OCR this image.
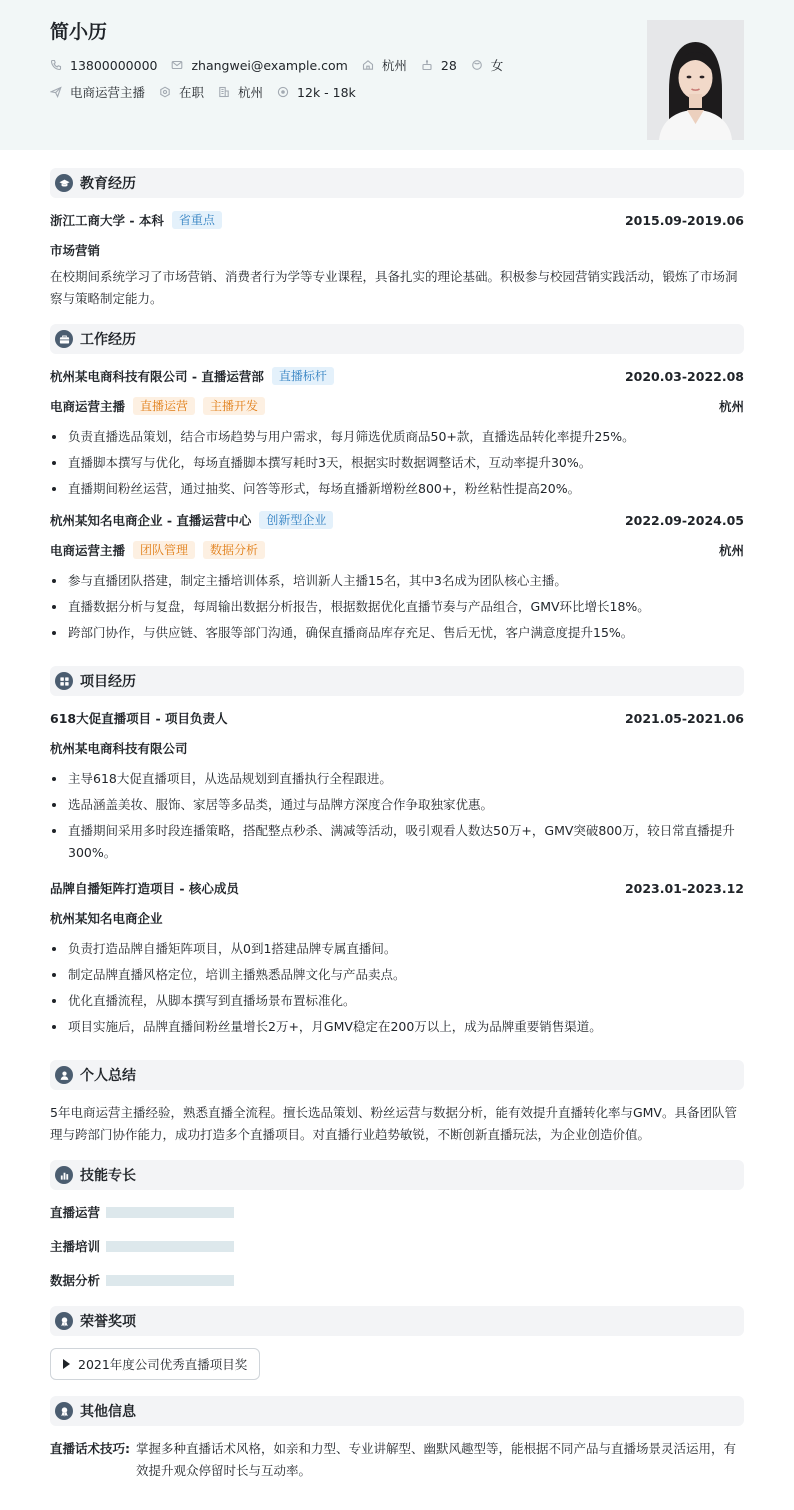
简小历
13800000000	zhangwei@example.com	杭州	28	女
电商运营主播	在职	杭州	12k - 18k
教育经历
浙江工商大学 - 本科	省重点	2015.09-2019.06
市场营销
在校期间系统学习了市场营销、消费者行为学等专业课程，具备扎实的理论基础。积极参与校园营销实践活动，锻炼了市场洞察与策略制定能力。
工作经历
杭州某电商科技有限公司 - 直播运营部	直播标杆	2020.03-2022.08
电商运营主播	直播运营	主播开发	杭州
负责直播选品策划，结合市场趋势与用户需求，每月筛选优质商品50+款，直播选品转化率提升25%。
直播脚本撰写与优化，每场直播脚本撰写耗时3天，根据实时数据调整话术，互动率提升30%。
直播期间粉丝运营，通过抽奖、问答等形式，每场直播新增粉丝800+，粉丝粘性提高20%。
杭州某知名电商企业 - 直播运营中心	创新型企业	2022.09-2024.05
电商运营主播	团队管理	数据分析	杭州
参与直播团队搭建，制定主播培训体系，培训新人主播15名，其中3名成为团队核心主播。
直播数据分析与复盘，每周输出数据分析报告，根据数据优化直播节奏与产品组合，GMV环比增长18%。
跨部门协作，与供应链、客服等部门沟通，确保直播商品库存充足、售后无忧，客户满意度提升15%。
项目经历
618大促直播项目 - 项目负责人	2021.05-2021.06
杭州某电商科技有限公司
主导618大促直播项目，从选品规划到直播执行全程跟进。
选品涵盖美妆、服饰、家居等多品类，通过与品牌方深度合作争取独家优惠。
直播期间采用多时段连播策略，搭配整点秒杀、满减等活动，吸引观看人数达50万+，GMV突破800万，较日常直播提升300%。
品牌自播矩阵打造项目 - 核心成员	2023.01-2023.12
杭州某知名电商企业
负责打造品牌自播矩阵项目，从0到1搭建品牌专属直播间。
制定品牌直播风格定位，培训主播熟悉品牌文化与产品卖点。
优化直播流程，从脚本撰写到直播场景布置标准化。
项目实施后，品牌直播间粉丝量增长2万+，月GMV稳定在200万以上，成为品牌重要销售渠道。
个人总结
5年电商运营主播经验，熟悉直播全流程。擅长选品策划、粉丝运营与数据分析，能有效提升直播转化率与GMV。具备团队管理与跨部门协作能力，成功打造多个直播项目。对直播行业趋势敏锐，不断创新直播玩法，为企业创造价值。
技能专长
直播运营
主播培训
数据分析
荣誉奖项
2021年度公司优秀直播项目奖
其他信息
直播话术技巧: 掌握多种直播话术风格，如亲和力型、专业讲解型、幽默风趣型等，能根据不同产品与直播场景灵活运用，有效提升观众停留时长与互动率。
